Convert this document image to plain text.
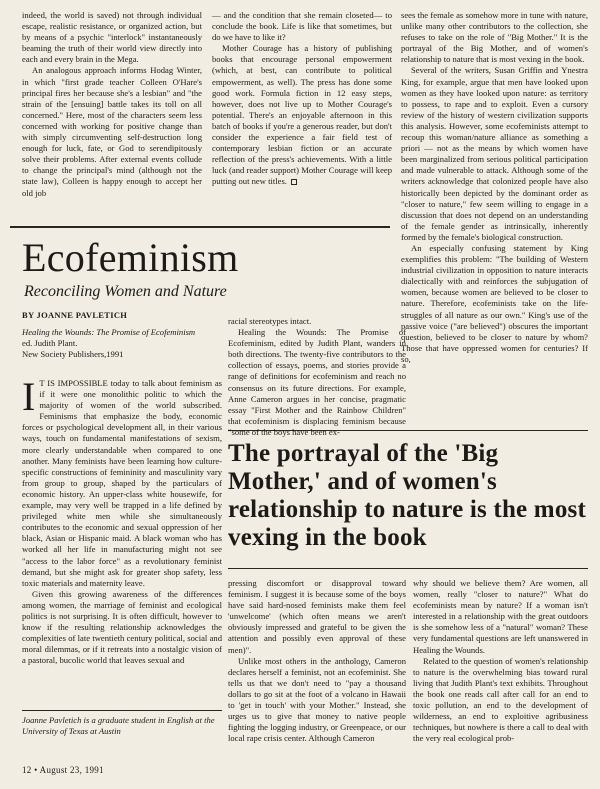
indeed, the world is saved) not through individual escape, realistic resistance, or organized action, but by means of a psychic "interlock" instantaneously beaming the truth of their world view directly into each and every brain in the Mega.

An analogous approach informs Hodag Winter, in which "first grade teacher Colleen O'Hare's principal fires her because she's a lesbian" and "the strain of the [ensuing] battle takes its toll on all concerned." Here, most of the characters seem less concerned with working for positive change than with simply circumventing self-destruction long enough for luck, fate, or God to serendipitously solve their problems. After external events collude to change the principal's mind (although not the state law), Colleen is happy enough to accept her old job

— and the condition that she remain closeted— to conclude the book. Life is like that sometimes, but do we have to like it?

Mother Courage has a history of publishing books that encourage personal empowerment (which, at best, can contribute to political empowerment, as well). The press has done some good work. Formula fiction in 12 easy steps, however, does not live up to Mother Courage's potential. There's an enjoyable afternoon in this batch of books if you're a generous reader, but don't consider the experience a fair field test of contemporary lesbian fiction or an accurate reflection of the press's achievements. With a little luck (and reader support) Mother Courage will keep putting out new titles.

sees the female as somehow more in tune with nature, unlike many other contributors to the collection, she refuses to take on the role of "Big Mother." It is the portrayal of the Big Mother, and of women's relationship to nature that is most vexing in the book.

Several of the writers, Susan Griffin and Ynestra King, for example, argue that men have looked upon women as they have looked upon nature: as territory to possess, to rape and to exploit. Even a cursory review of the history of western civilization supports this analysis. However, some ecofeminists attempt to recoup this woman/nature alliance as something a priori — not as the means by which women have been marginalized from serious political participation and made vulnerable to attack. Although some of the writers acknowledge that colonized people have also historically been depicted by the dominant order as "closer to nature," few seem willing to engage in a discussion that does not depend on an understanding of the female gender as intrinsically, inherently formed by the female's biological construction.

An especially confusing statement by King exemplifies this problem: "The building of Western industrial civilization in opposition to nature interacts dialectically with and reinforces the subjugation of women, because women are believed to be closer to nature. Therefore, ecofeminists take on the life-struggles of all nature as our own." King's use of the passive voice ("are believed") obscures the important question, believed to be closer to nature by whom? Those that have oppressed women for centuries? If so,

Ecofeminism
Reconciling Women and Nature
BY JOANNE PAVLETICH
Healing the Wounds: The Promise of Ecofeminism
ed. Judith Plant.
New Society Publishers,1991

I T IS IMPOSSIBLE today to talk about feminism as if it were one monolithic politic to which the majority of women of the world subscribed. Feminisms that emphasize the body, economic forces or psychological development all, in their various ways, touch on fundamental manifestations of sexism, more clearly understandable when compared to one another. Many feminists have been learning how culture-specific constructions of femininity and masculinity vary from group to group, shaped by the particulars of economic history. An upper-class white housewife, for example, may very well be trapped in a life defined by privileged white men while she simultaneously contributes to the economic and sexual oppression of her black, Asian or Hispanic maid. A black woman who has worked all her life in manufacturing might not see "access to the labor force" as a revolutionary feminist demand, but she might ask for greater shop safety, less toxic materials and maternity leave.

Given this growing awareness of the differences among women, the marriage of feminist and ecological politics is not surprising. It is often difficult, however to know if the resulting relationship acknowledges the complexities of late twentieth century political, social and moral dilemmas, or if it retreats into a nostalgic vision of a pastoral, bucolic world that leaves sexual and

racial stereotypes intact.

Healing the Wounds: The Promise of Ecofeminism, edited by Judith Plant, wanders in both directions. The twenty-five contributors to the collection of essays, poems, and stories provide a range of definitions for ecofeminism and reach no consensus on its future directions. For example, Anne Cameron argues in her concise, pragmatic essay "First Mother and the Rainbow Children" that ecofeminism is displacing feminism because "some of the boys have been ex-

The portrayal of the 'Big Mother,' and of women's relationship to nature is the most vexing in the book

pressing discomfort or disapproval toward feminism. I suggest it is because some of the boys have said hard-nosed feminists make them feel 'unwelcome' (which often means we aren't obviously impressed and grateful to be given the attention and possibly even approval of these men)".

Unlike most others in the anthology, Cameron declares herself a feminist, not an ecofeminist. She tells us that we don't need to "pay a thousand dollars to go sit at the foot of a volcano in Hawaii to 'get in touch' with your Mother." Instead, she urges us to give that money to native people fighting the logging industry, or Greenpeace, or our local rape crisis center. Although Cameron

why should we believe them? Are women, all women, really "closer to nature?" What do ecofeminists mean by nature? If a woman isn't interested in a relationship with the great outdoors is she somehow less of a "natural" woman? These very fundamental questions are left unanswered in Healing the Wounds.

Related to the question of women's relationship to nature is the overwhelming bias toward rural living that Judith Plant's text exhibits. Throughout the book one reads call after call for an end to toxic pollution, an end to the development of wilderness, an end to exploitive agribusiness techniques, but nowhere is there a call to deal with the very real ecological prob-

Joanne Pavletich is a graduate student in English at the University of Texas at Austin
12 • August 23, 1991
